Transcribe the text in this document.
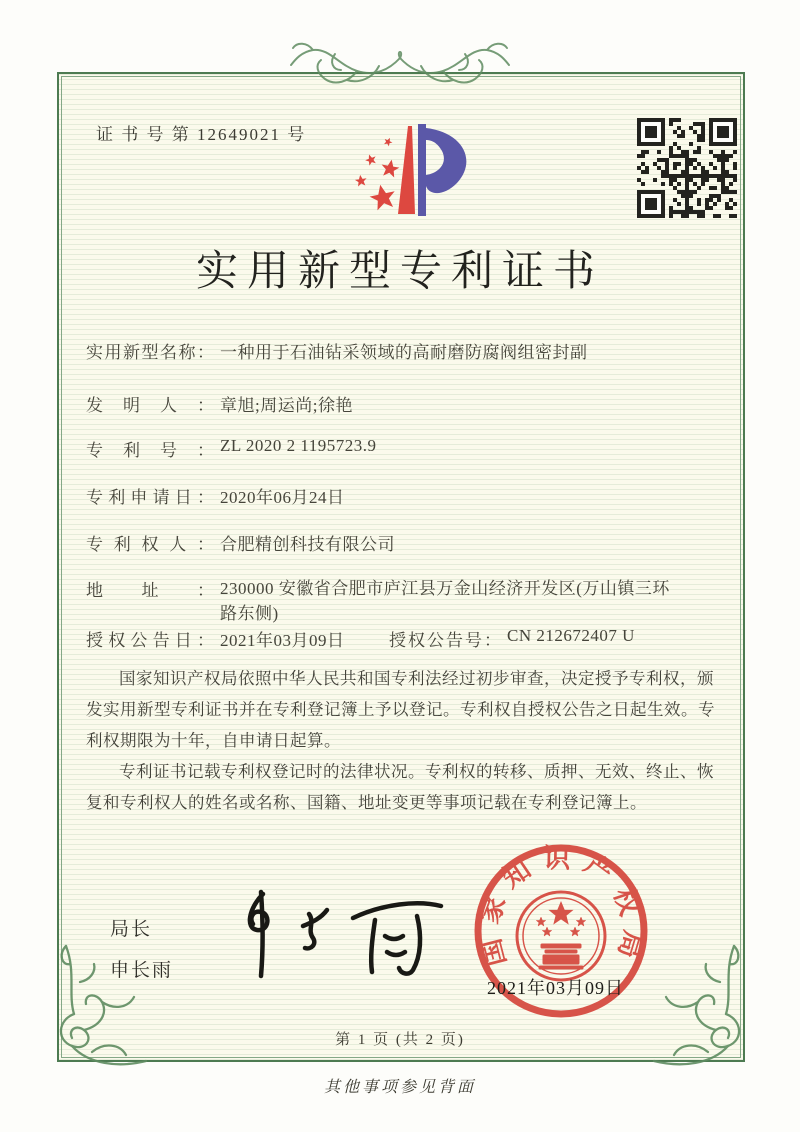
证 书 号 第 12649021 号
实用新型专利证书
实用新型名称： 一种用于石油钻采领域的高耐磨防腐阀组密封副
发明人： 章旭;周运尚;徐艳
专利号： ZL 2020 2 1195723.9
专利申请日： 2020年06月24日
专利权人： 合肥精创科技有限公司
地址： 230000 安徽省合肥市庐江县万金山经济开发区(万山镇三环路东侧)
授权公告日： 2021年03月09日	授权公告号： CN 212672407 U

国家知识产权局依照中华人民共和国专利法经过初步审查，决定授予专利权，颁发实用新型专利证书并在专利登记簿上予以登记。专利权自授权公告之日起生效。专利权期限为十年，自申请日起算。

专利证书记载专利权登记时的法律状况。专利权的转移、质押、无效、终止、恢复和专利权人的姓名或名称、国籍、地址变更等事项记载在专利登记簿上。

局长
申长雨
国家知识产权局
2021年03月09日
第 1 页 (共 2 页)
其他事项参见背面
